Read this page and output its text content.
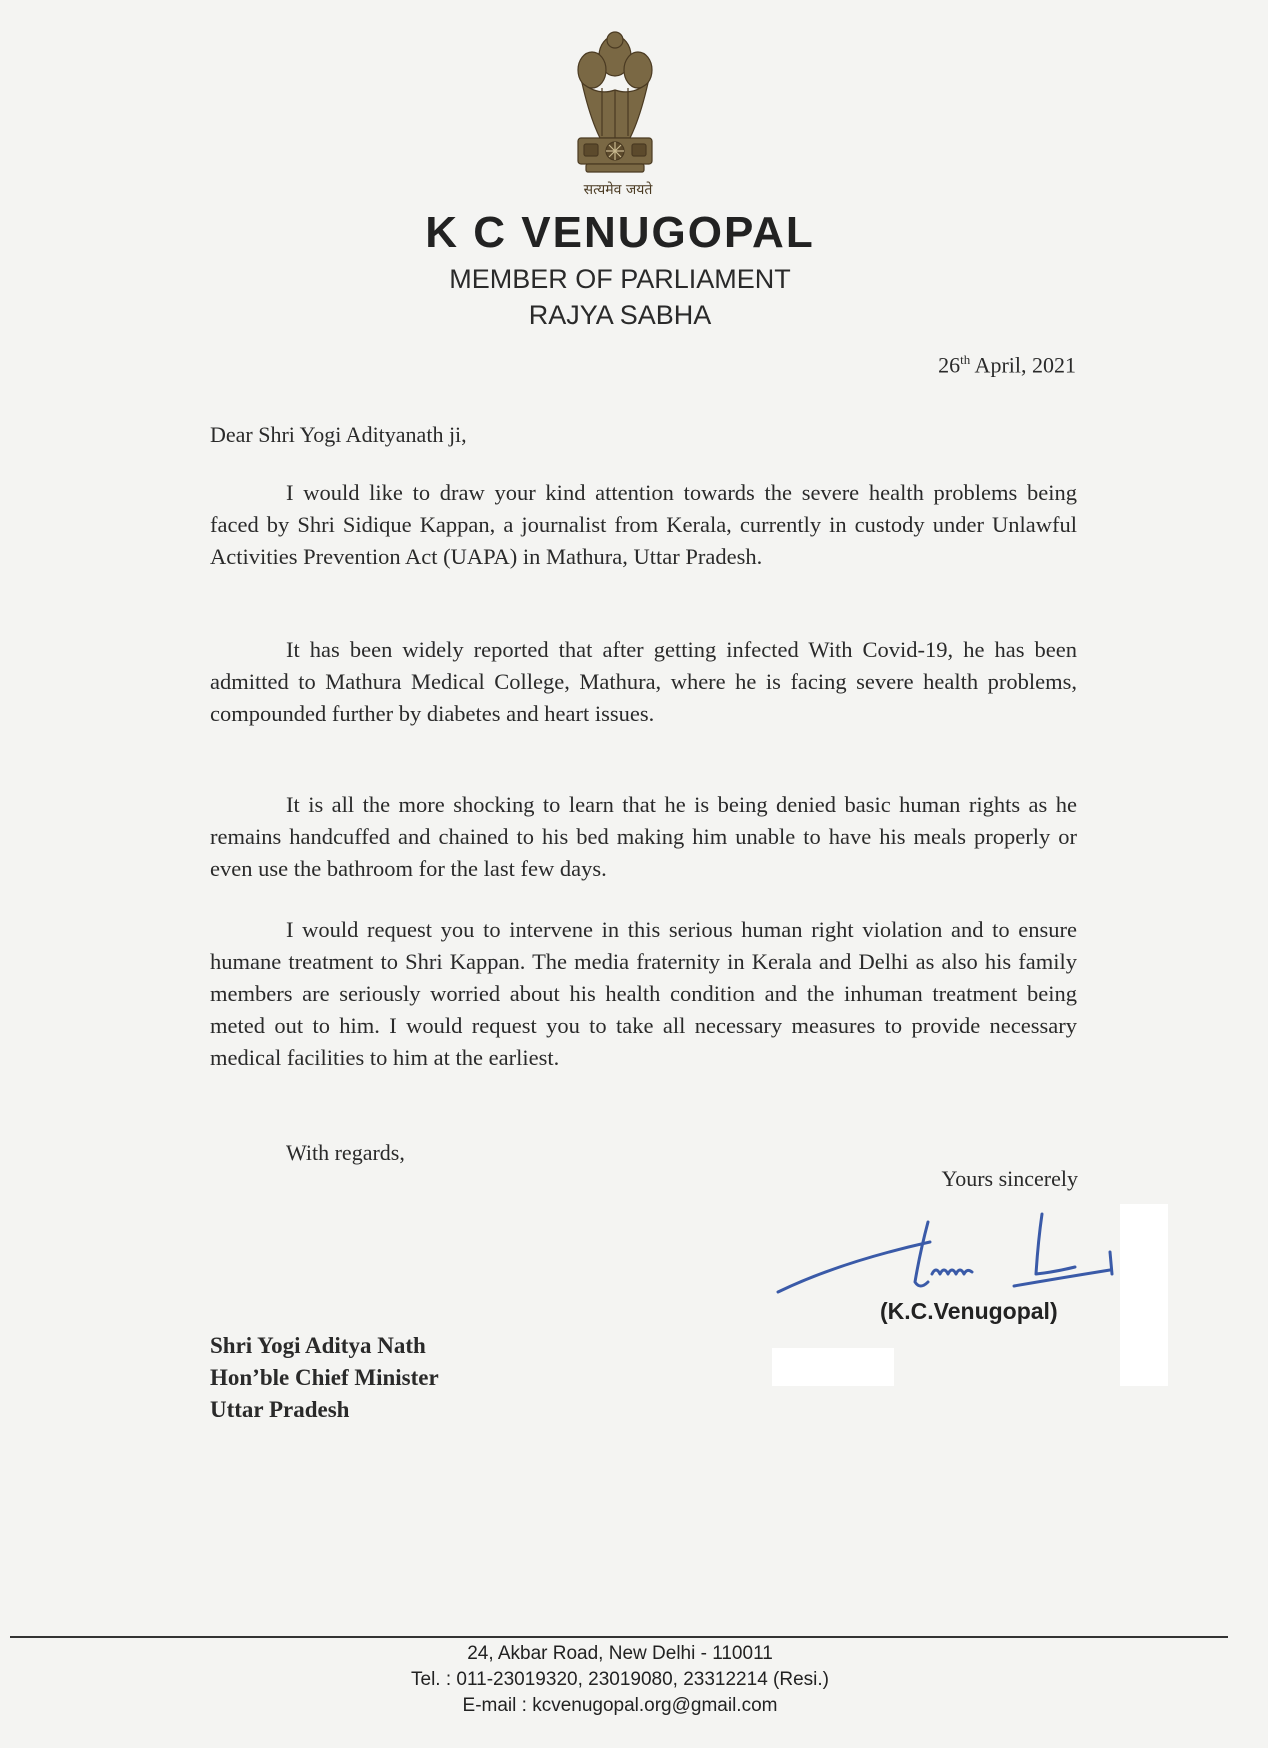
सत्यमेव जयते
K C VENUGOPAL
MEMBER OF PARLIAMENT
RAJYA SABHA
26th April, 2021
Dear Shri Yogi Adityanath ji,

I would like to draw your kind attention towards the severe health problems being faced by Shri Sidique Kappan, a journalist from Kerala, currently in custody under Unlawful Activities Prevention Act (UAPA) in Mathura, Uttar Pradesh.

It has been widely reported that after getting infected With Covid-19, he has been admitted to Mathura Medical College, Mathura, where he is facing severe health problems, compounded further by diabetes and heart issues.

It is all the more shocking to learn that he is being denied basic human rights as he remains handcuffed and chained to his bed making him unable to have his meals properly or even use the bathroom for the last few days.

I would request you to intervene in this serious human right violation and to ensure humane treatment to Shri Kappan. The media fraternity in Kerala and Delhi as also his family members are seriously worried about his health condition and the inhuman treatment being meted out to him. I would request you to take all necessary measures to provide necessary medical facilities to him at the earliest.

With regards,
Yours sincerely
(K.C.Venugopal)
Shri Yogi Aditya Nath
Hon’ble Chief Minister
Uttar Pradesh
24, Akbar Road, New Delhi - 110011
Tel. : 011-23019320, 23019080, 23312214 (Resi.)
E-mail : kcvenugopal.org@gmail.com
